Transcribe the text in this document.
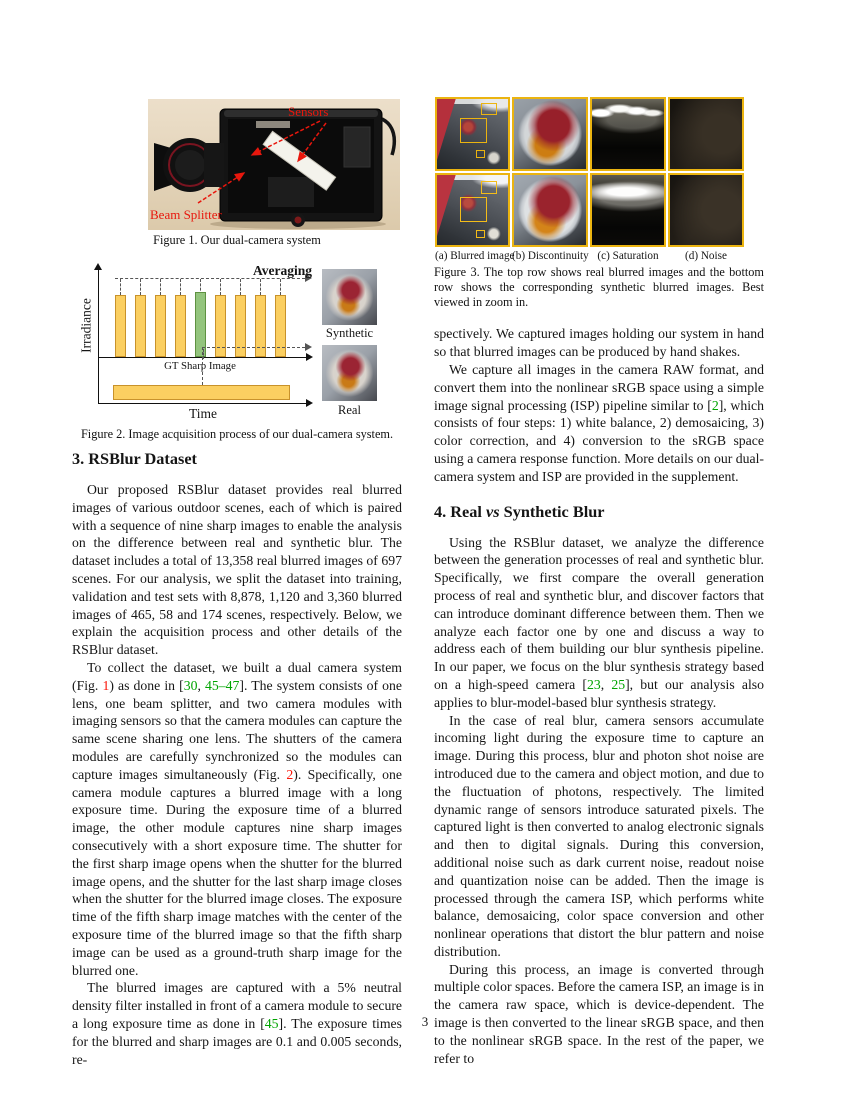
Sensors
Beam Splitter
Figure 1. Our dual-camera system
Irradiance
Averaging
GT Sharp Image
Time
Synthetic
Real
Figure 2. Image acquisition process of our dual-camera system.
3. RSBlur Dataset

Our proposed RSBlur dataset provides real blurred images of various outdoor scenes, each of which is paired with a sequence of nine sharp images to enable the analysis on the difference between real and synthetic blur. The dataset includes a total of 13,358 real blurred images of 697 scenes. For our analysis, we split the dataset into training, validation and test sets with 8,878, 1,120 and 3,360 blurred images of 465, 58 and 174 scenes, respectively. Below, we explain the acquisition process and other details of the RSBlur dataset.

To collect the dataset, we built a dual camera system (Fig. 1) as done in [30, 45–47]. The system consists of one lens, one beam splitter, and two camera modules with imaging sensors so that the camera modules can capture the same scene sharing one lens. The shutters of the camera modules are carefully synchronized so the modules can capture images simultaneously (Fig. 2). Specifically, one camera module captures a blurred image with a long exposure time. During the exposure time of a blurred image, the other module captures nine sharp images consecutively with a short exposure time. The shutter for the first sharp image opens when the shutter for the blurred image opens, and the shutter for the last sharp image closes when the shutter for the blurred image closes. The exposure time of the fifth sharp image matches with the center of the exposure time of the blurred image so that the fifth sharp image can be used as a ground-truth sharp image for the blurred one.

The blurred images are captured with a 5% neutral density filter installed in front of a camera module to secure a long exposure time as done in [45]. The exposure times for the blurred and sharp images are 0.1 and 0.005 seconds, re-

(a) Blurred image
(b) Discontinuity (c) Saturation	(d) Noise
Figure 3. The top row shows real blurred images and the bottom row shows the corresponding synthetic blurred images. Best viewed in zoom in.

spectively. We captured images holding our system in hand so that blurred images can be produced by hand shakes.

We capture all images in the camera RAW format, and convert them into the nonlinear sRGB space using a simple image signal processing (ISP) pipeline similar to [2], which consists of four steps: 1) white balance, 2) demosaicing, 3) color correction, and 4) conversion to the sRGB space using a camera response function. More details on our dual-camera system and ISP are provided in the supplement.

4. Real vs Synthetic Blur

Using the RSBlur dataset, we analyze the difference between the generation processes of real and synthetic blur. Specifically, we first compare the overall generation process of real and synthetic blur, and discover factors that can introduce dominant difference between them. Then we analyze each factor one by one and discuss a way to address each of them building our blur synthesis pipeline. In our paper, we focus on the blur synthesis strategy based on a high-speed camera [23, 25], but our analysis also applies to blur-model-based blur synthesis strategy.

In the case of real blur, camera sensors accumulate incoming light during the exposure time to capture an image. During this process, blur and photon shot noise are introduced due to the camera and object motion, and due to the fluctuation of photons, respectively. The limited dynamic range of sensors introduce saturated pixels. The captured light is then converted to analog electronic signals and then to digital signals. During this conversion, additional noise such as dark current noise, readout noise and quantization noise can be added. Then the image is processed through the camera ISP, which performs white balance, demosaicing, color space conversion and other nonlinear operations that distort the blur pattern and noise distribution.

During this process, an image is converted through multiple color spaces. Before the camera ISP, an image is in the camera raw space, which is device-dependent. The image is then converted to the linear sRGB space, and then to the nonlinear sRGB space. In the rest of the paper, we refer to

3
